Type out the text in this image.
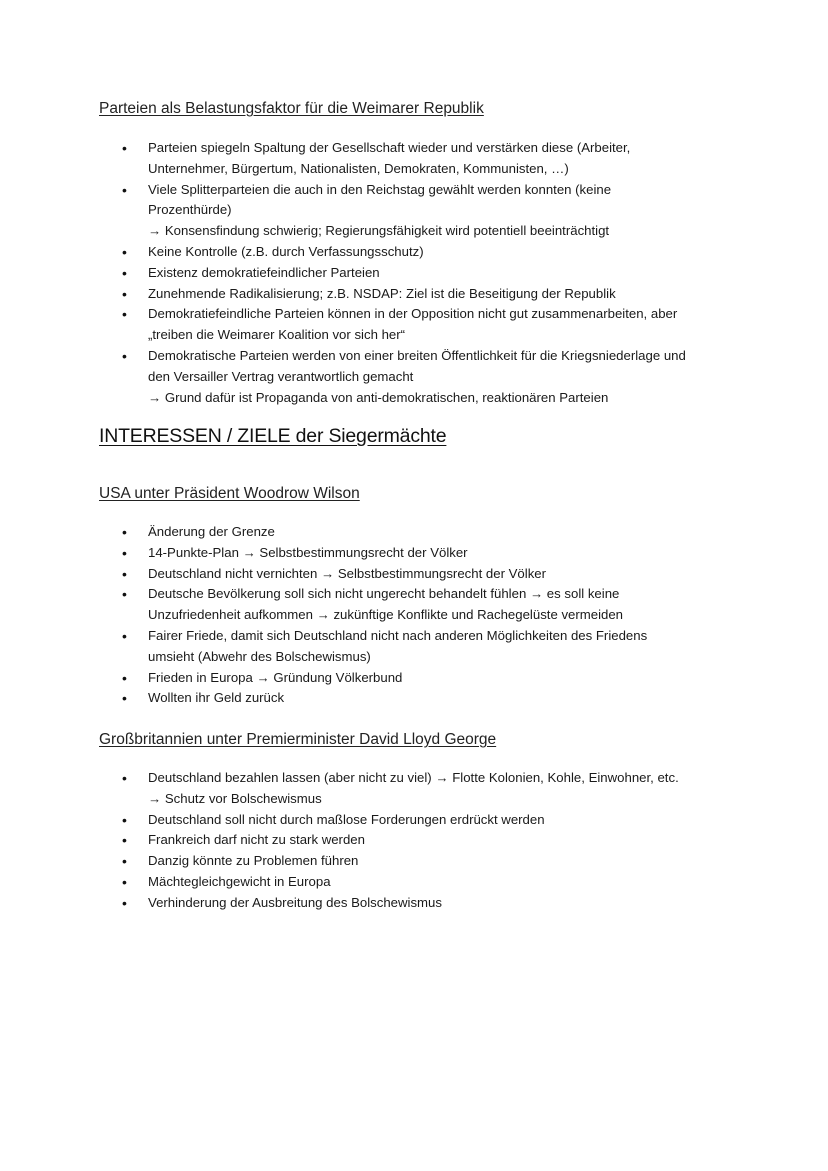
Parteien als Belastungsfaktor für die Weimarer Republik
• Parteien spiegeln Spaltung der Gesellschaft wieder und verstärken diese (Arbeiter,
Unternehmer, Bürgertum, Nationalisten, Demokraten, Kommunisten, …)
• Viele Splitterparteien die auch in den Reichstag gewählt werden konnten (keine
Prozenthürde)
→ Konsensfindung schwierig; Regierungsfähigkeit wird potentiell beeinträchtigt
• Keine Kontrolle (z.B. durch Verfassungsschutz)
• Existenz demokratiefeindlicher Parteien
• Zunehmende Radikalisierung; z.B. NSDAP: Ziel ist die Beseitigung der Republik
• Demokratiefeindliche Parteien können in der Opposition nicht gut zusammenarbeiten, aber
„treiben die Weimarer Koalition vor sich her“
• Demokratische Parteien werden von einer breiten Öffentlichkeit für die Kriegsniederlage und
den Versailler Vertrag verantwortlich gemacht
→ Grund dafür ist Propaganda von anti-demokratischen, reaktionären Parteien
INTERESSEN / ZIELE der Siegermächte
USA unter Präsident Woodrow Wilson
• Änderung der Grenze
• 14-Punkte-Plan → Selbstbestimmungsrecht der Völker
• Deutschland nicht vernichten → Selbstbestimmungsrecht der Völker
• Deutsche Bevölkerung soll sich nicht ungerecht behandelt fühlen → es soll keine
Unzufriedenheit aufkommen → zukünftige Konflikte und Rachegelüste vermeiden
• Fairer Friede, damit sich Deutschland nicht nach anderen Möglichkeiten des Friedens
umsieht (Abwehr des Bolschewismus)
• Frieden in Europa → Gründung Völkerbund
• Wollten ihr Geld zurück
Großbritannien unter Premierminister David Lloyd George
• Deutschland bezahlen lassen (aber nicht zu viel) → Flotte Kolonien, Kohle, Einwohner, etc.
→ Schutz vor Bolschewismus
• Deutschland soll nicht durch maßlose Forderungen erdrückt werden
• Frankreich darf nicht zu stark werden
• Danzig könnte zu Problemen führen
• Mächtegleichgewicht in Europa
• Verhinderung der Ausbreitung des Bolschewismus
